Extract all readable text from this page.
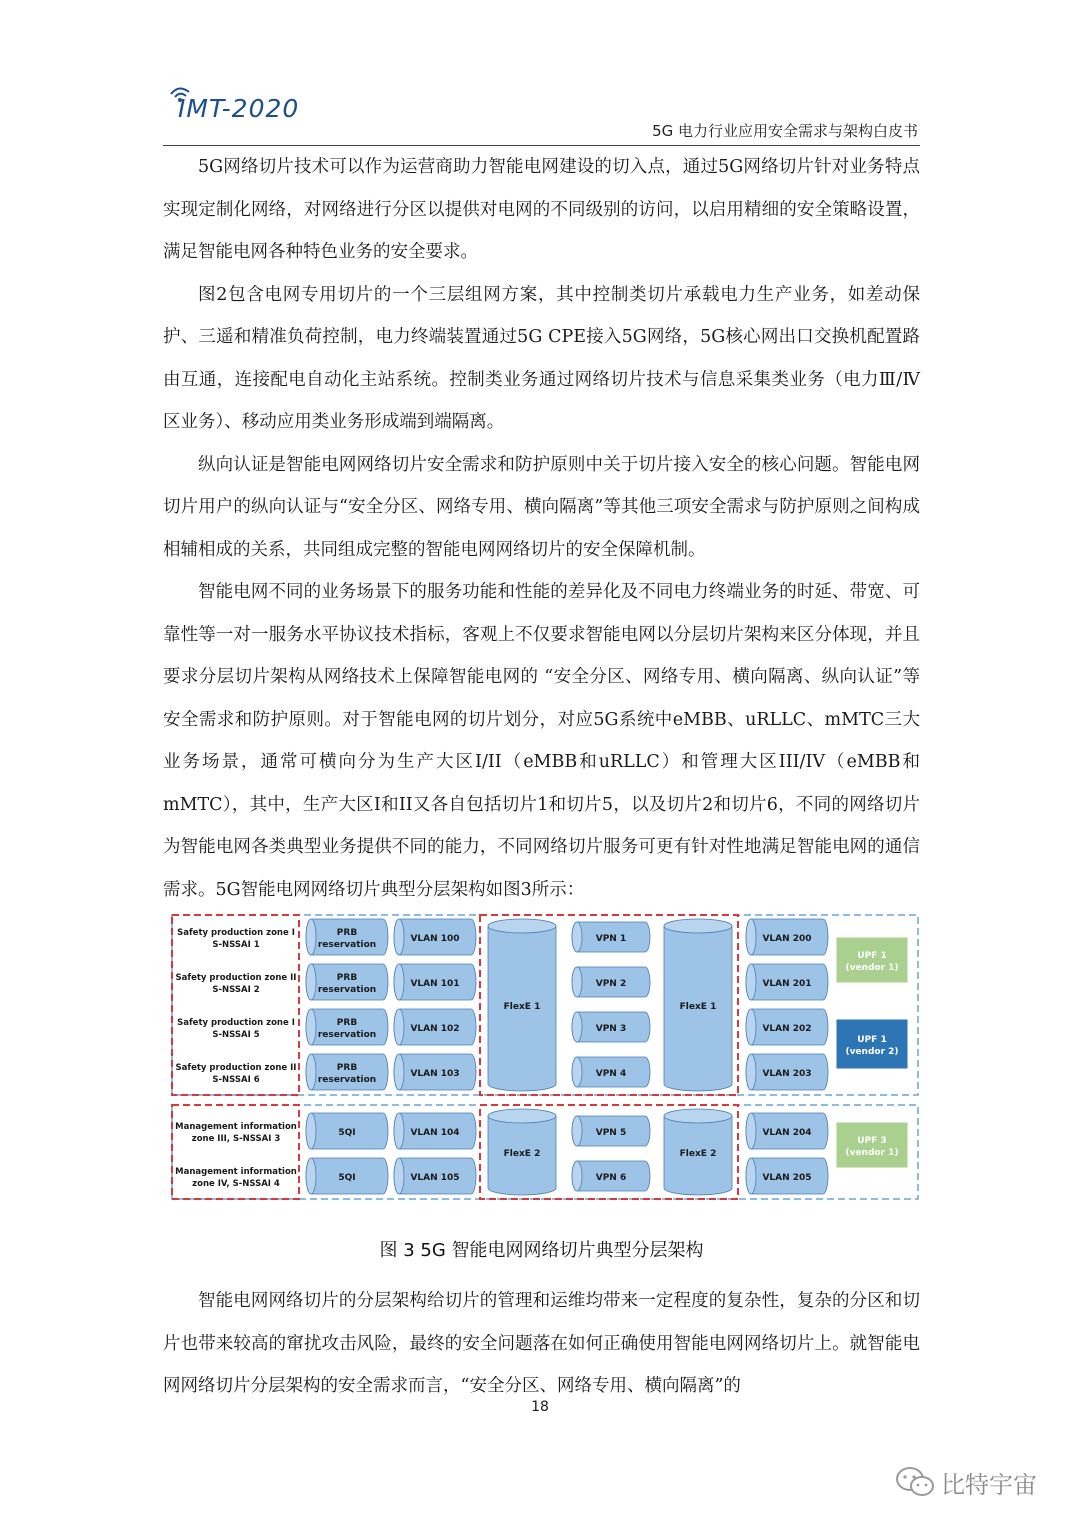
IMT-2020
5G 电力行业应用安全需求与架构白皮书

5G网络切片技术可以作为运营商助力智能电网建设的切入点，通过5G网络切片针对业务特点实现定制化网络，对网络进行分区以提供对电网的不同级别的访问，以启用精细的安全策略设置，满足智能电网各种特色业务的安全要求。

图2包含电网专用切片的一个三层组网方案，其中控制类切片承载电力生产业务，如差动保护、三遥和精准负荷控制，电力终端装置通过5G CPE接入5G网络，5G核心网出口交换机配置路由互通，连接配电自动化主站系统。控制类业务通过网络切片技术与信息采集类业务（电力Ⅲ/Ⅳ区业务）、移动应用类业务形成端到端隔离。

纵向认证是智能电网网络切片安全需求和防护原则中关于切片接入安全的核心问题。智能电网切片用户的纵向认证与“安全分区、网络专用、横向隔离”等其他三项安全需求与防护原则之间构成相辅相成的关系，共同组成完整的智能电网网络切片的安全保障机制。

智能电网不同的业务场景下的服务功能和性能的差异化及不同电力终端业务的时延、带宽、可靠性等一对一服务水平协议技术指标，客观上不仅要求智能电网以分层切片架构来区分体现，并且要求分层切片架构从网络技术上保障智能电网的 “安全分区、网络专用、横向隔离、纵向认证”等安全需求和防护原则。对于智能电网的切片划分，对应5G系统中eMBB、uRLLC、mMTC三大业务场景，通常可横向分为生产大区I/II（eMBB和uRLLC）和管理大区III/IV（eMBB和mMTC），其中，生产大区I和II又各自包括切片1和切片5，以及切片2和切片6，不同的网络切片为智能电网各类典型业务提供不同的能力，不同网络切片服务可更有针对性地满足智能电网的通信需求。5G智能电网网络切片典型分层架构如图3所示：

Safety production zone I
S-NSSAI 1
Safety production zone II
S-NSSAI 2
Safety production zone I
S-NSSAI 5
Safety production zone II
S-NSSAI 6
Management information
zone III, S-NSSAI 3
Management information
zone IV, S-NSSAI 4
PRB
reservation
PRB
reservation
PRB
reservation
PRB
reservation
5QI
5QI
VLAN 100
VLAN 101
VLAN 102
VLAN 103
VLAN 104
VLAN 105
FlexE 1
FlexE 2
VPN 1
VPN 2
VPN 3
VPN 4
VPN 5
VPN 6
FlexE 1
FlexE 2
VLAN 200
VLAN 201
VLAN 202
VLAN 203
VLAN 204
VLAN 205
UPF 1
(vendor 1)
UPF 1
(vendor 2)
UPF 3
(vendor 1)
图 3 5G 智能电网网络切片典型分层架构

智能电网网络切片的分层架构给切片的管理和运维均带来一定程度的复杂性，复杂的分区和切片也带来较高的窜扰攻击风险，最终的安全问题落在如何正确使用智能电网网络切片上。就智能电网网络切片分层架构的安全需求而言，“安全分区、网络专用、横向隔离”的

18
比特宇宙
